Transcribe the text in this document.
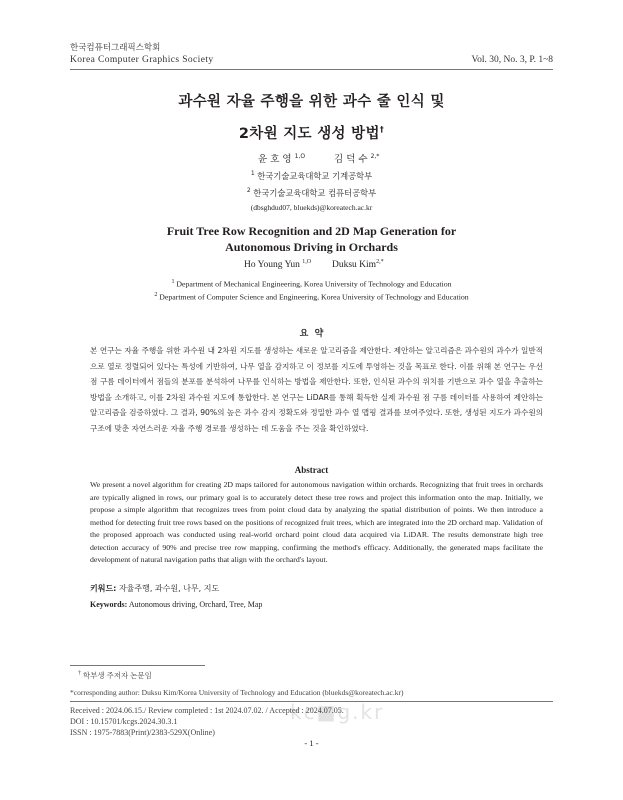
한국컴퓨터그래픽스학회
Korea Computer Graphics Society	Vol. 30, No. 3, P. 1~8
과수원 자율 주행을 위한 과수 줄 인식 및
2차원 지도 생성 방법†
윤 호 영 $^{1,O}$	김 덕 수 $^{2,*}$
$^1$ 한국기술교육대학교 기계공학부
$^2$ 한국기술교육대학교 컴퓨터공학부
(dbsghdud07, bluekds)@koreatech.ac.kr
Fruit Tree Row Recognition and 2D Map Generation for
Autonomous Driving in Orchards
Ho Young Yun $^{1,O}$ Duksu Kim$^{2,*}$
$^1$ Department of Mechanical Engineering, Korea University of Technology and Education
$^2$ Department of Computer Science and Engineering, Korea University of Technology and Education
요  약
본 연구는 자율 주행을 위한 과수원 내 2차원 지도를 생성하는 새로운 알고리즘을 제안한다. 제안하는 알고리즘은 과수원의 과수가 일반적으로 열로 정렬되어 있다는 특성에 기반하여, 나무 열을 감지하고 이 정보를 지도에 투영하는 것을 목표로 한다. 이를 위해 본 연구는 우선 점 구름 데이터에서 점들의 분포를 분석하여 나무를 인식하는 방법을 제안한다. 또한, 인식된 과수의 위치를 기반으로 과수 열을 추출하는 방법을 소개하고, 이를 2차원 과수원 지도에 통합한다. 본 연구는 LiDAR를 통해 획득한 실제 과수원 점 구름 데이터를 사용하여 제안하는 알고리즘을 검증하였다. 그 결과, 90%의 높은 과수 감지 정확도와 정밀한 과수 열 맵핑 결과를 보여주었다. 또한, 생성된 지도가 과수원의 구조에 맞춘 자연스러운 자율 주행 경로를 생성하는 데 도움을 주는 것을 확인하였다.
Abstract
We present a novel algorithm for creating 2D maps tailored for autonomous navigation within orchards. Recognizing that fruit trees in orchards are typically aligned in rows, our primary goal is to accurately detect these tree rows and project this information onto the map. Initially, we propose a simple algorithm that recognizes trees from point cloud data by analyzing the spatial distribution of points. We then introduce a method for detecting fruit tree rows based on the positions of recognized fruit trees, which are integrated into the 2D orchard map. Validation of the proposed approach was conducted using real-world orchard point cloud data acquired via LiDAR. The results demonstrate high tree detection accuracy of 90% and precise tree row mapping, confirming the method's efficacy. Additionally, the generated maps facilitate the development of natural navigation paths that align with the orchard's layout.
키워드: 자율주행, 과수원, 나무, 지도
Keywords: Autonomous driving, Orchard, Tree, Map
† 학부생 주저자 논문임
*corresponding author: Duksu Kim/Korea University of Technology and Education (bluekds@koreatech.ac.kr)
kc■g.kr
Received : 2024.06.15./ Review completed : 1st 2024.07.02. / Accepted : 2024.07.05.
DOI : 10.15701/kcgs.2024.30.3.1
ISSN : 1975-7883(Print)/2383-529X(Online)
- 1 -
